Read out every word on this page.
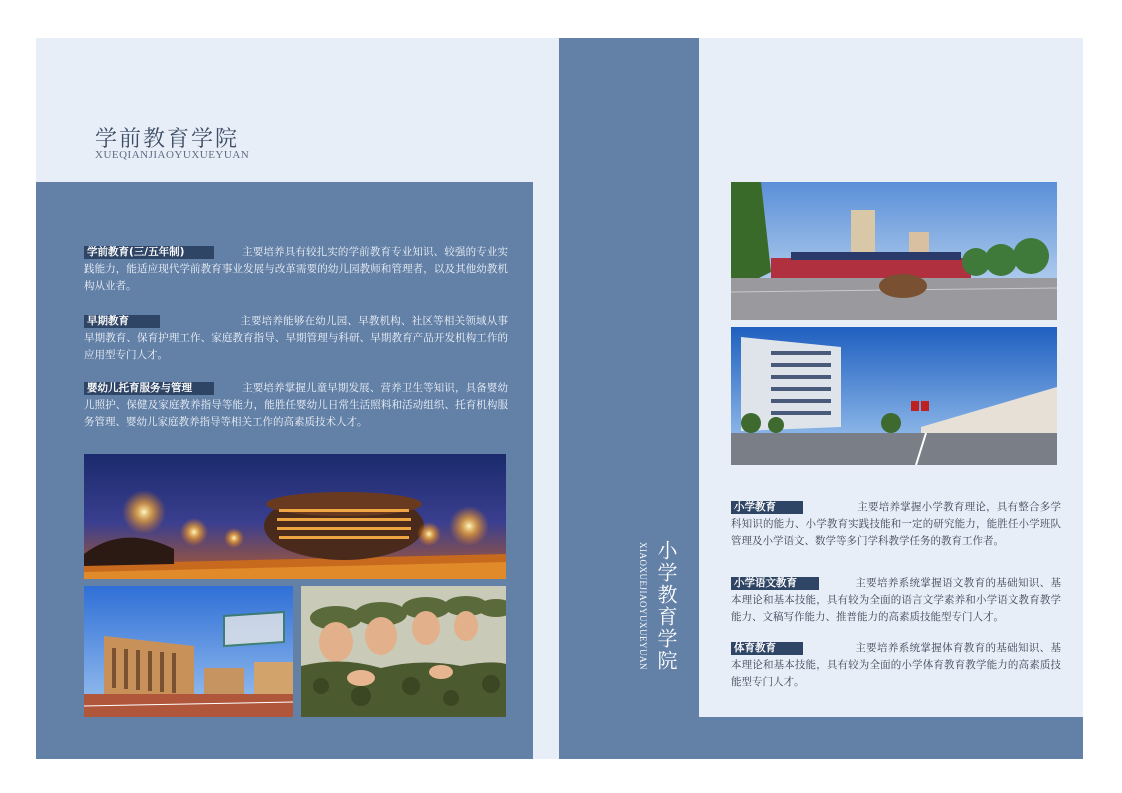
学前教育学院
XUEQIANJIAOYUXUEYUAN
学前教育(三/五年制)	主要培养具有较扎实的学前教育专业知识、较强的专业实践能力，能适应现代学前教育事业发展与改革需要的幼儿园教师和管理者，以及其他幼教机构从业者。
早期教育	主要培养能够在幼儿园、早教机构、社区等相关领域从事早期教育、保育护理工作、家庭教育指导、早期管理与科研、早期教育产品开发机构工作的应用型专门人才。
婴幼儿托育服务与管理	主要培养掌握儿童早期发展、营养卫生等知识，具备婴幼儿照护、保健及家庭教养指导等能力，能胜任婴幼儿日常生活照料和活动组织、托育机构服务管理、婴幼儿家庭教养指导等相关工作的高素质技术人才。
小学教育学院
XIAOXUEJIAOYUXUEYUAN
小学教育	主要培养掌握小学教育理论，具有整合多学科知识的能力、小学教育实践技能和一定的研究能力，能胜任小学班队管理及小学语文、数学等多门学科教学任务的教育工作者。
小学语文教育	主要培养系统掌握语文教育的基础知识、基本理论和基本技能，具有较为全面的语言文学素养和小学语文教育教学能力、文稿写作能力、推普能力的高素质技能型专门人才。
体育教育	主要培养系统掌握体育教育的基础知识、基本理论和基本技能，具有较为全面的小学体育教育教学能力的高素质技能型专门人才。
